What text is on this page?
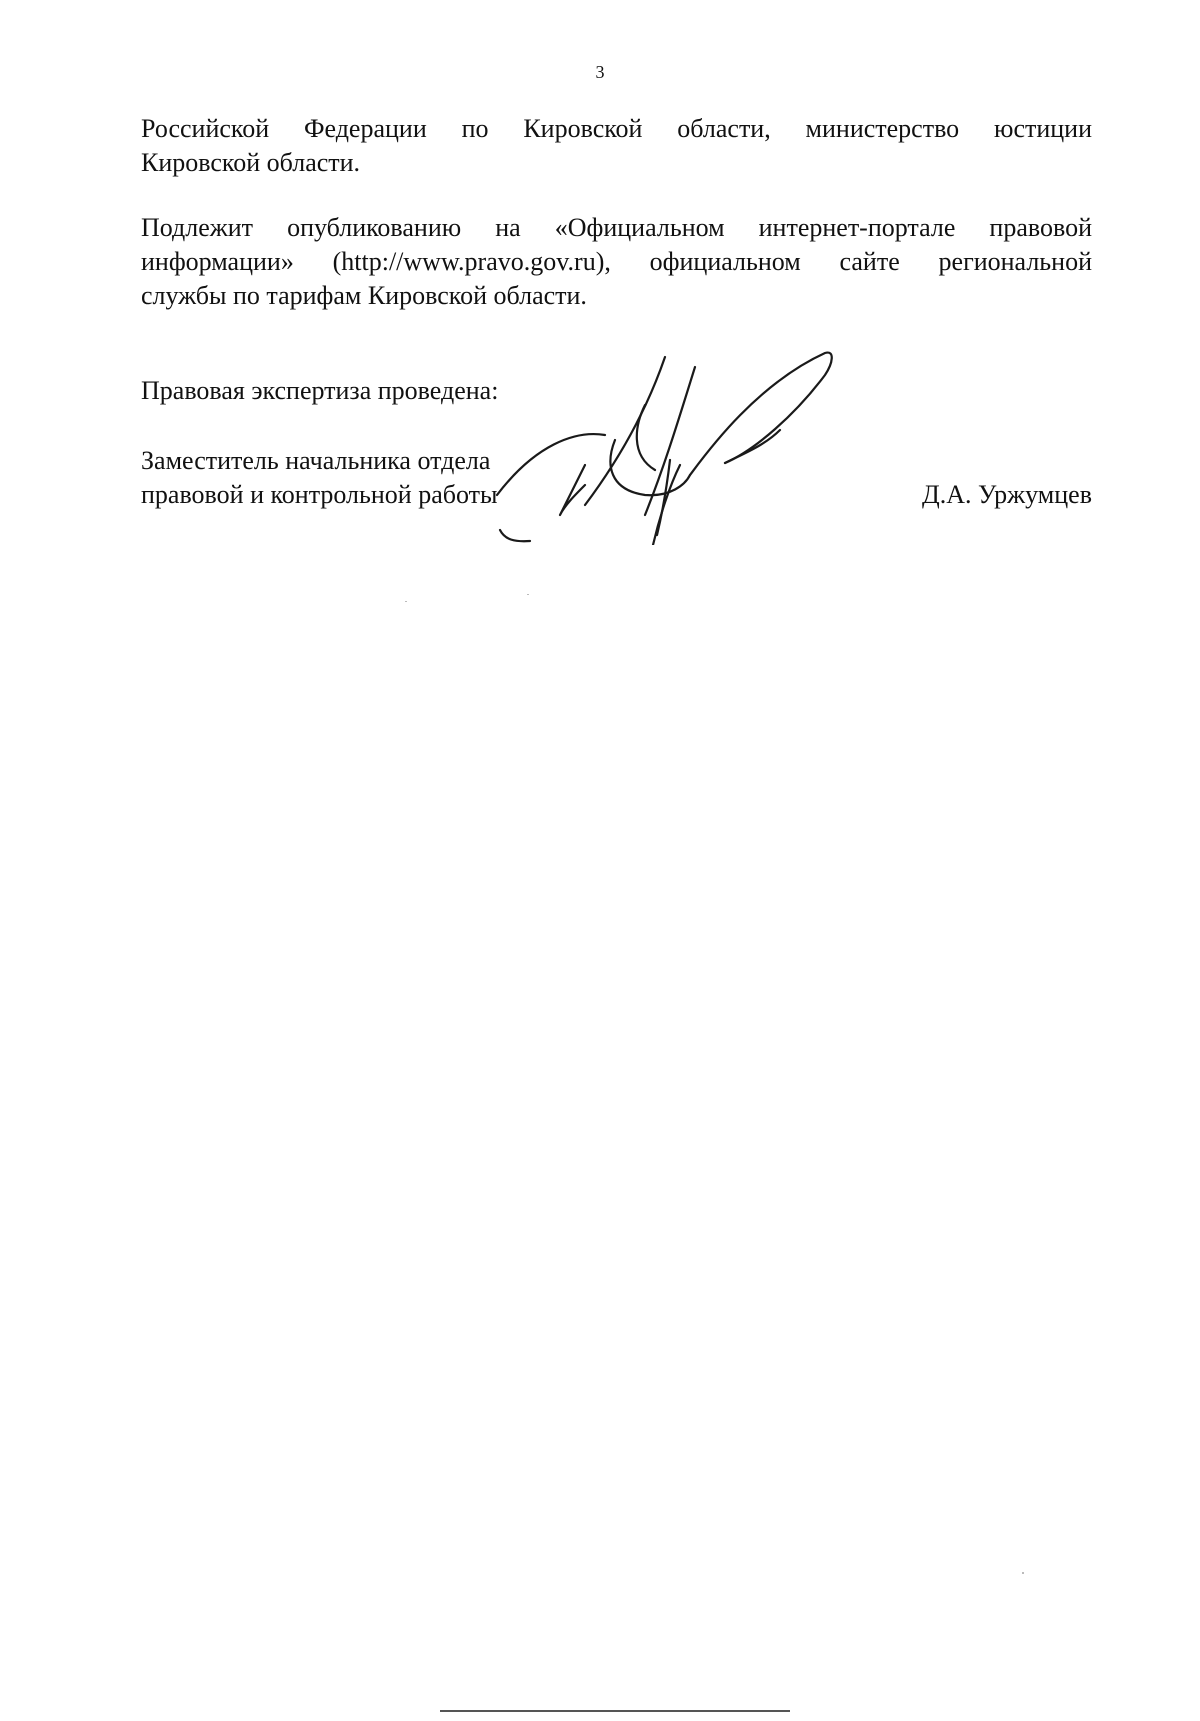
3
Российской Федерации по Кировской области, министерство юстиции
Кировской области.
Подлежит опубликованию на «Официальном интернет-портале правовой
информации» (http://www.pravo.gov.ru), официальном сайте региональной
службы по тарифам Кировской области.
Правовая экспертиза проведена:
Заместитель начальника отдела
правовой и контрольной работы	Д.А. Уржумцев
